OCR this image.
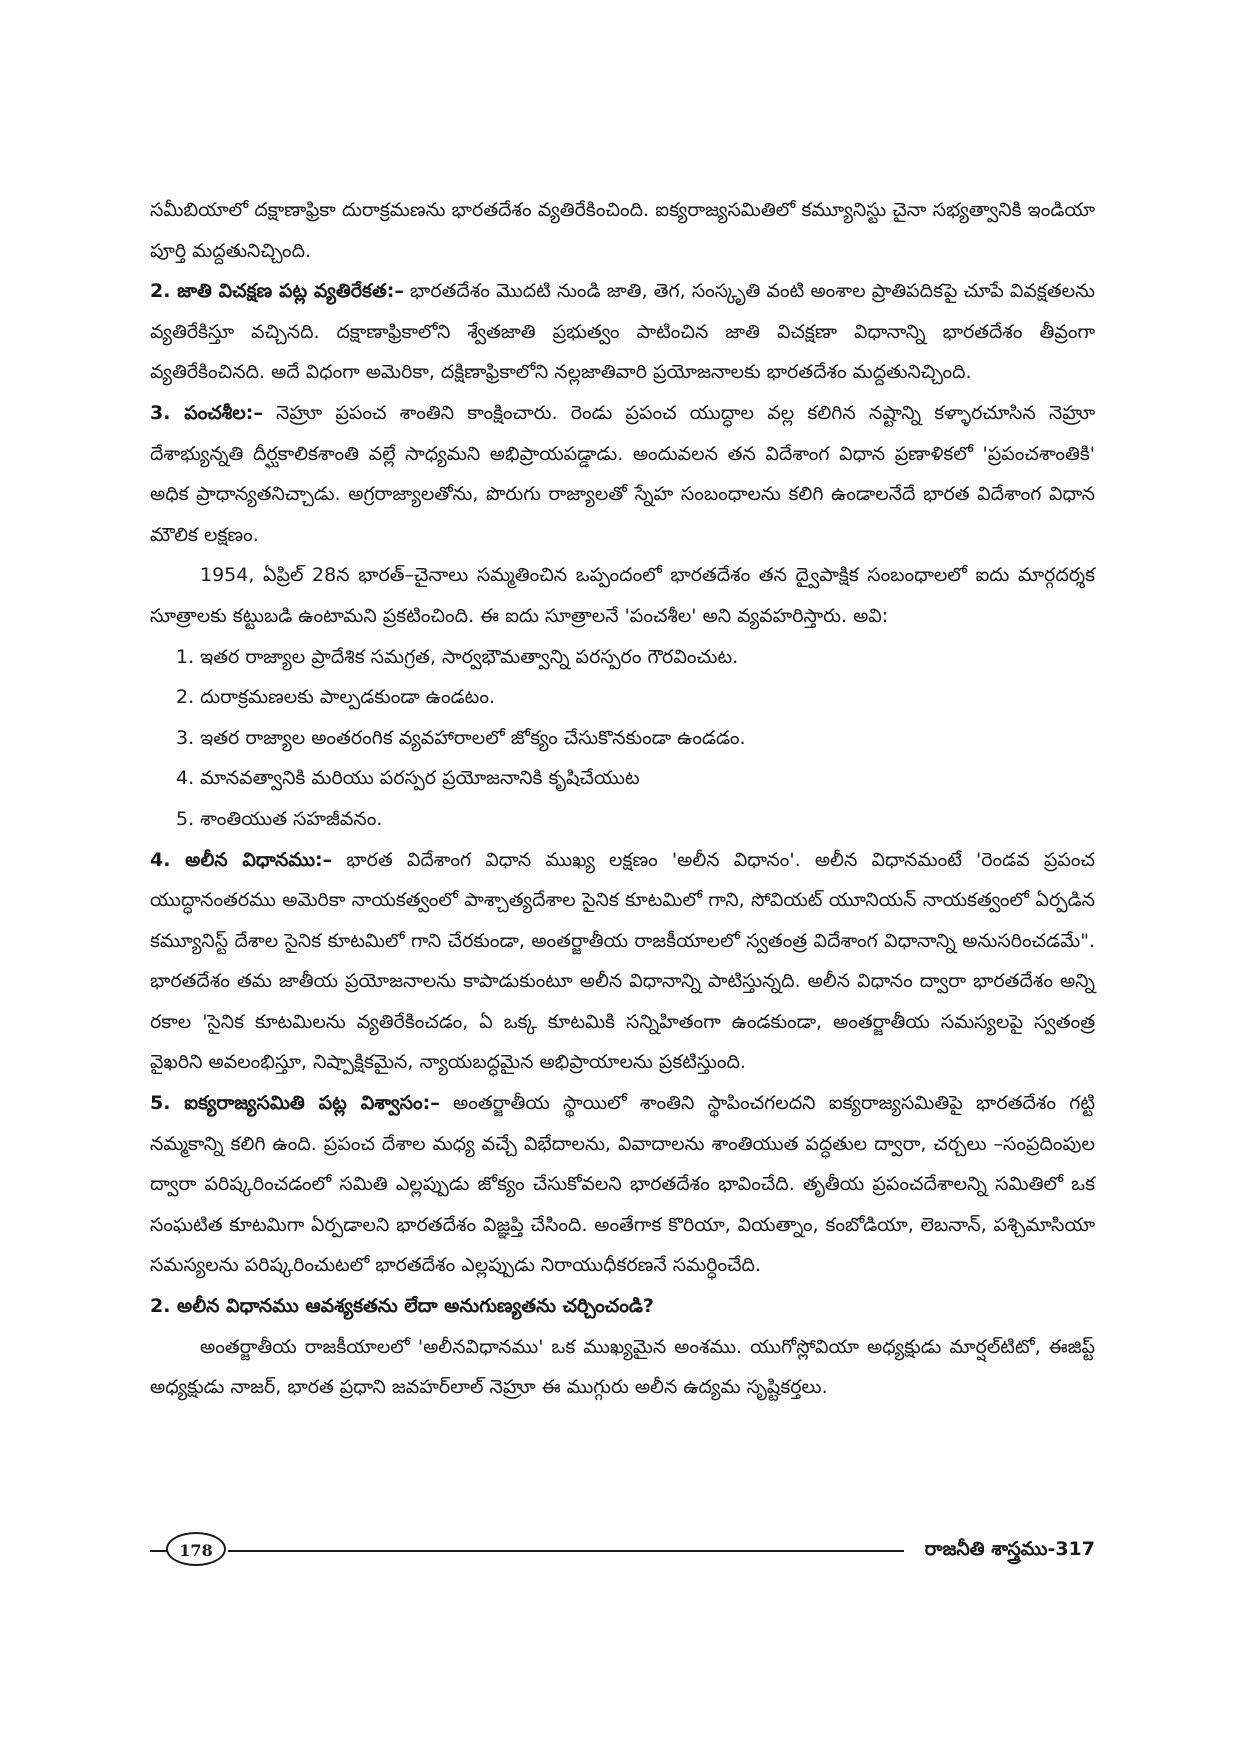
సమీబియాలో దక్షాణాఫ్రికా దురాక్రమణను భారతదేశం వ్యతిరేకించింది. ఐక్యరాజ్యసమితిలో కమ్యూనిస్టు చైనా సభ్యత్వానికి ఇండియా పూర్తి మద్దతునిచ్చింది.

2. జాతి విచక్షణ పట్ల వ్యతిరేకత:– భారతదేశం మొదటి నుండి జాతి, తెగ, సంస్కృతి వంటి అంశాల ప్రాతిపదికపై చూపే వివక్షతలను వ్యతిరేకిస్తూ వచ్చినది. దక్షాణాఫ్రికాలోని శ్వేతజాతి ప్రభుత్వం పాటించిన జాతి విచక్షణా విధానాన్ని భారతదేశం తీవ్రంగా వ్యతిరేకించినది. అదే విధంగా అమెరికా, దక్షిణాఫ్రికాలోని నల్లజాతివారి ప్రయోజనాలకు భారతదేశం మద్దతునిచ్చింది.

3. పంచశీల:– నెహ్రూ ప్రపంచ శాంతిని కాంక్షించారు. రెండు ప్రపంచ యుద్ధాల వల్ల కలిగిన నష్టాన్ని కళ్ళారచూసిన నెహ్రూ దేశాభ్యున్నతి దీర్ఘకాలికశాంతి వల్లే సాధ్యమని అభిప్రాయపడ్డాడు. అందువలన తన విదేశాంగ విధాన ప్రణాళికలో 'ప్రపంచశాంతికి' అధిక ప్రాధాన్యతనిచ్చాడు. అగ్రరాజ్యాలతోను, పొరుగు రాజ్యాలతో స్నేహ సంబంధాలను కలిగి ఉండాలనేదే భారత విదేశాంగ విధాన మౌలిక లక్షణం.

1954, ఏప్రిల్ 28న భారత్–చైనాలు సమ్మతించిన ఒప్పందంలో భారతదేశం తన ద్వైపాక్షిక సంబంధాలలో ఐదు మార్గదర్శక సూత్రాలకు కట్టుబడి ఉంటామని ప్రకటించింది. ఈ ఐదు సూత్రాలనే 'పంచశీల' అని వ్యవహరిస్తారు. అవి:

1. ఇతర రాజ్యాల ప్రాదేశిక సమగ్రత, సార్వభౌమత్వాన్ని పరస్పరం గౌరవించుట.

2. దురాక్రమణలకు పాల్పడకుండా ఉండటం.

3. ఇతర రాజ్యాల అంతరంగిక వ్యవహారాలలో జోక్యం చేసుకొనకుండా ఉండడం.

4. మానవత్వానికి మరియు పరస్పర ప్రయోజనానికి కృషిచేయుట

5. శాంతియుత సహజీవనం.

4. అలీన విధానము:– భారత విదేశాంగ విధాన ముఖ్య లక్షణం 'అలీన విధానం'. అలీన విధానమంటే 'రెండవ ప్రపంచ యుద్ధానంతరము అమెరికా నాయకత్వంలో పాశ్చాత్యదేశాల సైనిక కూటమిలో గాని, సోవియట్ యూనియన్ నాయకత్వంలో ఏర్పడిన కమ్యూనిస్ట్ దేశాల సైనిక కూటమిలో గాని చేరకుండా, అంతర్జాతీయ రాజకీయాలలో స్వతంత్ర విదేశాంగ విధానాన్ని అనుసరించడమే". భారతదేశం తమ జాతీయ ప్రయోజనాలను కాపాడుకుంటూ అలీన విధానాన్ని పాటిస్తున్నది. అలీన విధానం ద్వారా భారతదేశం అన్ని రకాల 'సైనిక కూటమిలను వ్యతిరేకించడం, ఏ ఒక్క కూటమికి సన్నిహితంగా ఉండకుండా, అంతర్జాతీయ సమస్యలపై స్వతంత్ర వైఖరిని అవలంభిస్తూ, నిష్పాక్షికమైన, న్యాయబద్ధమైన అభిప్రాయాలను ప్రకటిస్తుంది.

5. ఐక్యరాజ్యసమితి పట్ల విశ్వాసం:– అంతర్జాతీయ స్థాయిలో శాంతిని స్థాపించగలదని ఐక్యరాజ్యసమితిపై భారతదేశం గట్టి నమ్మకాన్ని కలిగి ఉంది. ప్రపంచ దేశాల మధ్య వచ్చే విభేదాలను, వివాదాలను శాంతియుత పద్ధతుల ద్వారా, చర్చలు –సంప్రదింపుల ద్వారా పరిష్కరించడంలో సమితి ఎల్లప్పుడు జోక్యం చేసుకోవలని భారతదేశం భావించేది. తృతీయ ప్రపంచదేశాలన్ని సమితిలో ఒక సంఘటిత కూటమిగా ఏర్పడాలని భారతదేశం విజ్ఞప్తి చేసింది. అంతేగాక కొరియా, వియత్నాం, కంబోడియా, లెబనాన్, పశ్చిమాసియా సమస్యలను పరిష్కరించుటలో భారతదేశం ఎల్లప్పుడు నిరాయుధీకరణనే సమర్ధించేది.

2. అలీన విధానము ఆవశ్యకతను లేదా అనుగుణ్యతను చర్చించండి?

అంతర్జాతీయ రాజకీయాలలో 'అలీనవిధానము' ఒక ముఖ్యమైన అంశము. యుగోస్లోవియా అధ్యక్షుడు మార్షల్‌టిటో, ఈజిప్ట్ అధ్యక్షుడు నాజర్, భారత ప్రధాని జవహర్‌లాల్ నెహ్రూ ఈ ముగ్గురు అలీన ఉద్యమ సృష్టికర్తలు.

178	రాజనీతి శాస్త్రము-317
